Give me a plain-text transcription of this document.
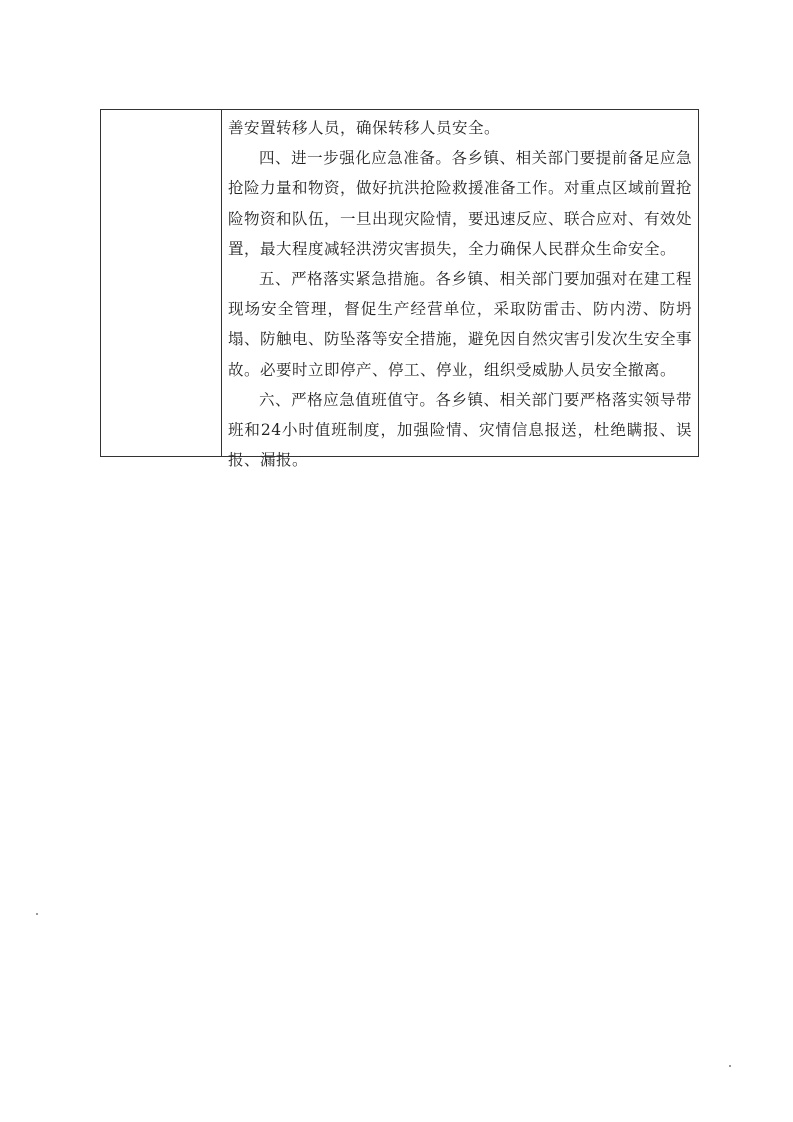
善安置转移人员，确保转移人员安全。

四、进一步强化应急准备。各乡镇、相关部门要提前备足应急抢险力量和物资，做好抗洪抢险救援准备工作。对重点区域前置抢险物资和队伍，一旦出现灾险情，要迅速反应、联合应对、有效处置，最大程度减轻洪涝灾害损失，全力确保人民群众生命安全。

五、严格落实紧急措施。各乡镇、相关部门要加强对在建工程现场安全管理，督促生产经营单位，采取防雷击、防内涝、防坍塌、防触电、防坠落等安全措施，避免因自然灾害引发次生安全事故。必要时立即停产、停工、停业，组织受威胁人员安全撤离。

六、严格应急值班值守。各乡镇、相关部门要严格落实领导带班和24小时值班制度，加强险情、灾情信息报送，杜绝瞒报、误报、漏报。
